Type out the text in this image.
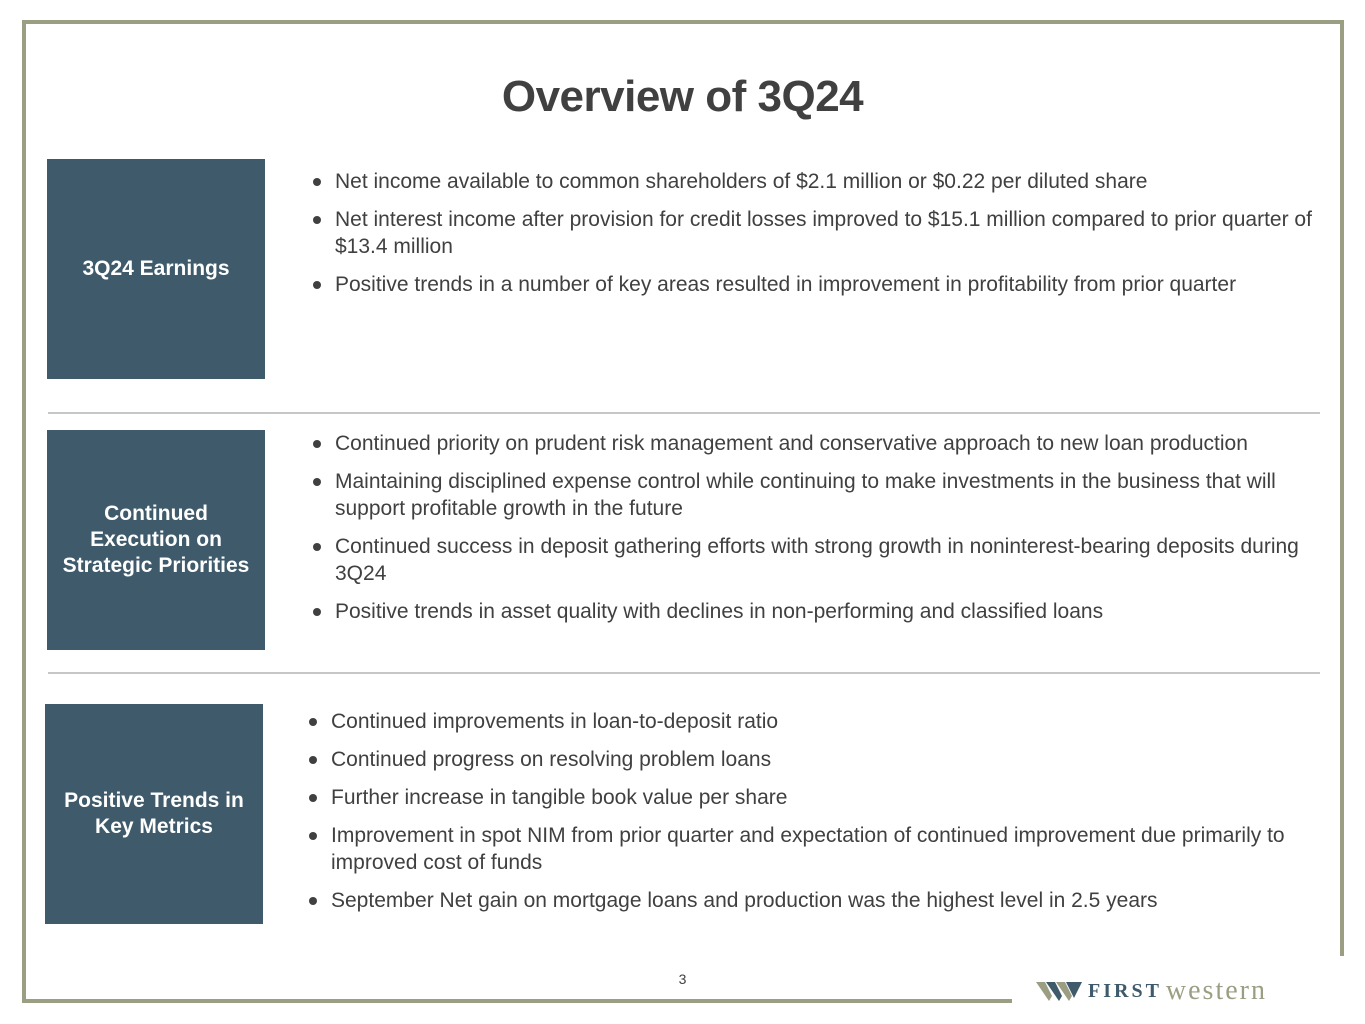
Overview of 3Q24
3Q24 Earnings
Net income available to common shareholders of $2.1 million or $0.22 per diluted share
Net interest income after provision for credit losses improved to $15.1 million compared to prior quarter of $13.4 million
Positive trends in a number of key areas resulted in improvement in profitability from prior quarter
Continued Execution on Strategic Priorities
Continued priority on prudent risk management and conservative approach to new loan production
Maintaining disciplined expense control while continuing to make investments in the business that will support profitable growth in the future
Continued success in deposit gathering efforts with strong growth in noninterest-bearing deposits during 3Q24
Positive trends in asset quality with declines in non-performing and classified loans
Positive Trends in Key Metrics
Continued improvements in loan-to-deposit ratio
Continued progress on resolving problem loans
Further increase in tangible book value per share
Improvement in spot NIM from prior quarter and expectation of continued improvement due primarily to improved cost of funds
September Net gain on mortgage loans and production was the highest level in 2.5 years
3
FIRST western
